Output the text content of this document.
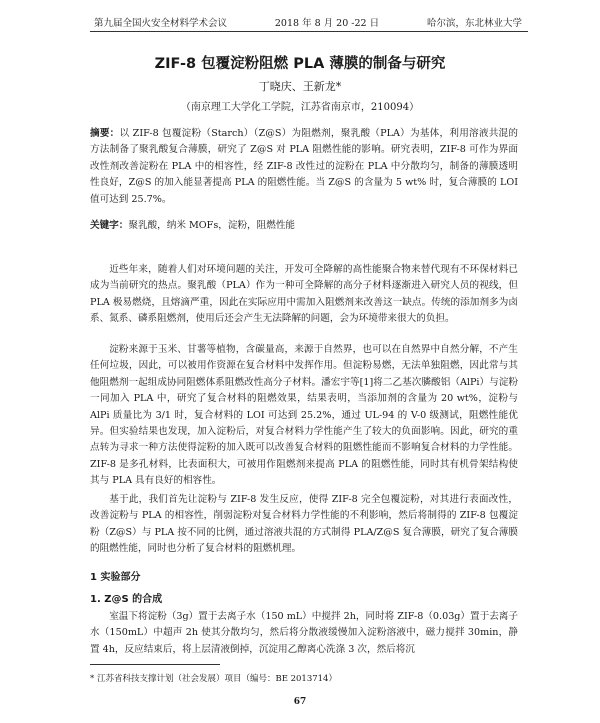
第九届全国火安全材料学术会议	2018 年 8 月 20 -22 日	哈尔滨，东北林业大学
ZIF-8 包覆淀粉阻燃 PLA 薄膜的制备与研究
丁晓庆、王新龙*
（南京理工大学化工学院，江苏省南京市，210094）
摘要：以 ZIF-8 包覆淀粉（Starch）（Z@S）为阻燃剂，聚乳酸（PLA）为基体，利用溶液共混的方法制备了聚乳酸复合薄膜，研究了 Z@S 对 PLA 阻燃性能的影响。研究表明，ZIF-8 可作为界面改性剂改善淀粉在 PLA 中的相容性，经 ZIF-8 改性过的淀粉在 PLA 中分散均匀，制备的薄膜透明性良好，Z@S 的加入能显著提高 PLA 的阻燃性能。当 Z@S 的含量为 5 wt% 时，复合薄膜的 LOI 值可达到 25.7%。
关键字：聚乳酸，纳米 MOFs，淀粉，阻燃性能
近些年来，随着人们对环境问题的关注，开发可全降解的高性能聚合物来替代现有不环保材料已成为当前研究的热点。聚乳酸（PLA）作为一种可全降解的高分子材料逐渐进入研究人员的视线，但 PLA 极易燃烧，且熔滴严重，因此在实际应用中需加入阻燃剂来改善这一缺点。传统的添加剂多为卤系、氮系、磷系阻燃剂，使用后还会产生无法降解的问题，会为环境带来很大的负担。
淀粉来源于玉米、甘薯等植物，含碳量高，来源于自然界，也可以在自然界中自然分解，不产生任何垃圾，因此，可以被用作资源在复合材料中发挥作用。但淀粉易燃，无法单独阻燃，因此常与其他阻燃剂一起组成协同阻燃体系阻燃改性高分子材料。潘宏宇等[1]将二乙基次膦酸铝（AlPi）与淀粉一同加入 PLA 中，研究了复合材料的阻燃效果，结果表明，当添加剂的含量为 20 wt%，淀粉与 AlPi 质量比为 3/1 时，复合材料的 LOI 可达到 25.2%，通过 UL-94 的 V-0 级测试，阻燃性能优异。但实验结果也发现，加入淀粉后，对复合材料力学性能产生了较大的负面影响。因此，研究的重点转为寻求一种方法使得淀粉的加入既可以改善复合材料的阻燃性能而不影响复合材料的力学性能。ZIF-8 是多孔材料，比表面积大，可被用作阻燃剂来提高 PLA 的阻燃性能，同时其有机骨架结构使其与 PLA 具有良好的相容性。
基于此，我们首先让淀粉与 ZIF-8 发生反应，使得 ZIF-8 完全包覆淀粉，对其进行表面改性，改善淀粉与 PLA 的相容性，削弱淀粉对复合材料力学性能的不利影响，然后将制得的 ZIF-8 包覆淀粉（Z@S）与 PLA 按不同的比例，通过溶液共混的方式制得 PLA/Z@S 复合薄膜，研究了复合薄膜的阻燃性能，同时也分析了复合材料的阻燃机理。
1 实验部分
1. Z@S 的合成
室温下将淀粉（3g）置于去离子水（150 mL）中搅拌 2h，同时将 ZIF-8（0.03g）置于去离子水（150mL）中超声 2h 使其分散均匀，然后将分散液缓慢加入淀粉溶液中，磁力搅拌 30min，静置 4h，反应结束后，将上层清液倒掉，沉淀用乙醇离心洗涤 3 次，然后将沉
* 江苏省科技支撑计划（社会发展）项目（编号：BE 2013714）
67
